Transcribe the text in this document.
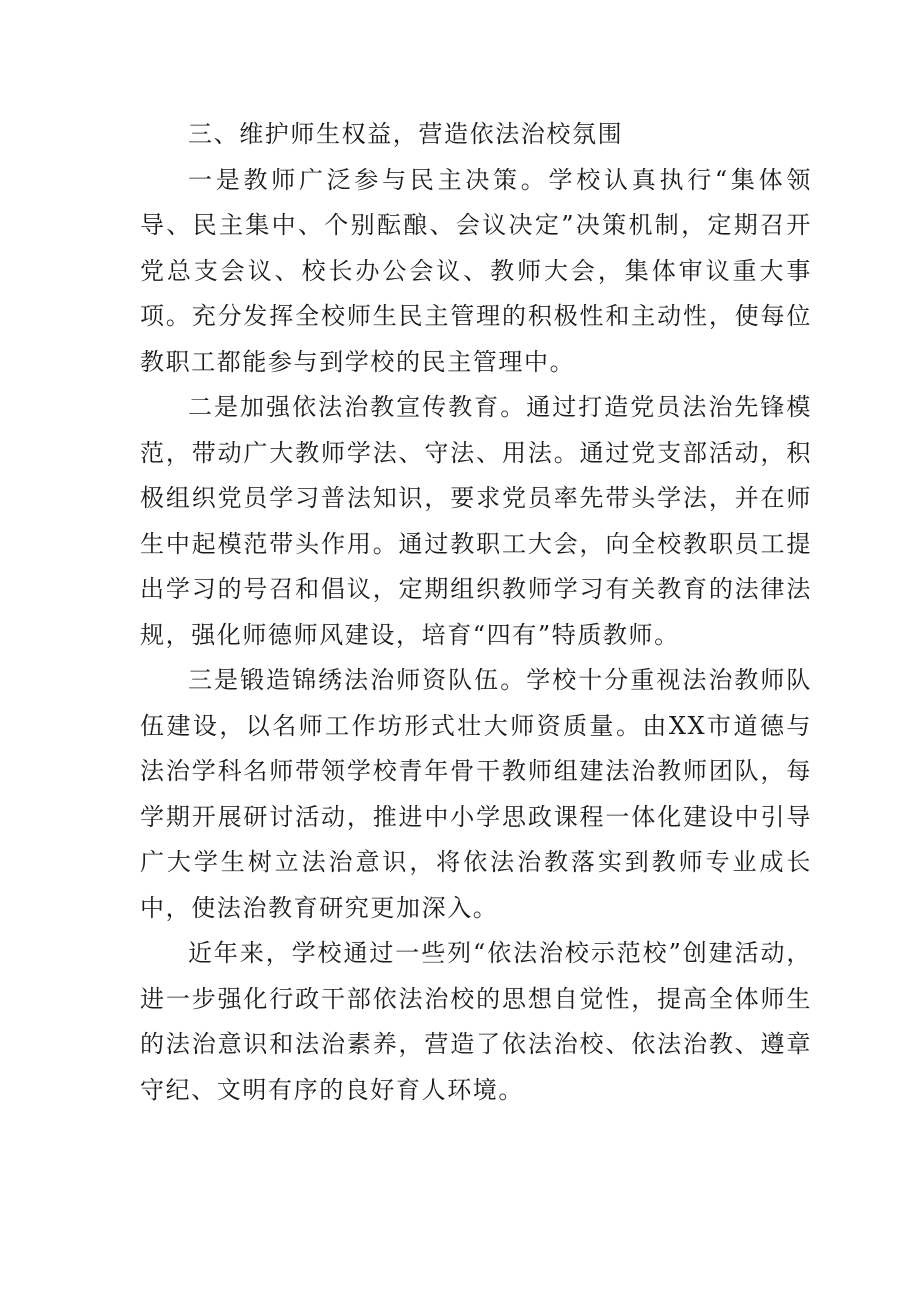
三、维护师生权益，营造依法治校氛围

一是教师广泛参与民主决策。学校认真执行“集体领导、民主集中、个别酝酿、会议决定”决策机制，定期召开党总支会议、校长办公会议、教师大会，集体审议重大事项。充分发挥全校师生民主管理的积极性和主动性，使每位教职工都能参与到学校的民主管理中。

二是加强依法治教宣传教育。通过打造党员法治先锋模范，带动广大教师学法、守法、用法。通过党支部活动，积极组织党员学习普法知识，要求党员率先带头学法，并在师生中起模范带头作用。通过教职工大会，向全校教职员工提出学习的号召和倡议，定期组织教师学习有关教育的法律法规，强化师德师风建设，培育“四有”特质教师。

三是锻造锦绣法治师资队伍。学校十分重视法治教师队伍建设，以名师工作坊形式壮大师资质量。由XX市道德与法治学科名师带领学校青年骨干教师组建法治教师团队，每学期开展研讨活动，推进中小学思政课程一体化建设中引导广大学生树立法治意识，将依法治教落实到教师专业成长中，使法治教育研究更加深入。

近年来，学校通过一些列“依法治校示范校”创建活动，进一步强化行政干部依法治校的思想自觉性，提高全体师生的法治意识和法治素养，营造了依法治校、依法治教、遵章守纪、文明有序的良好育人环境。
